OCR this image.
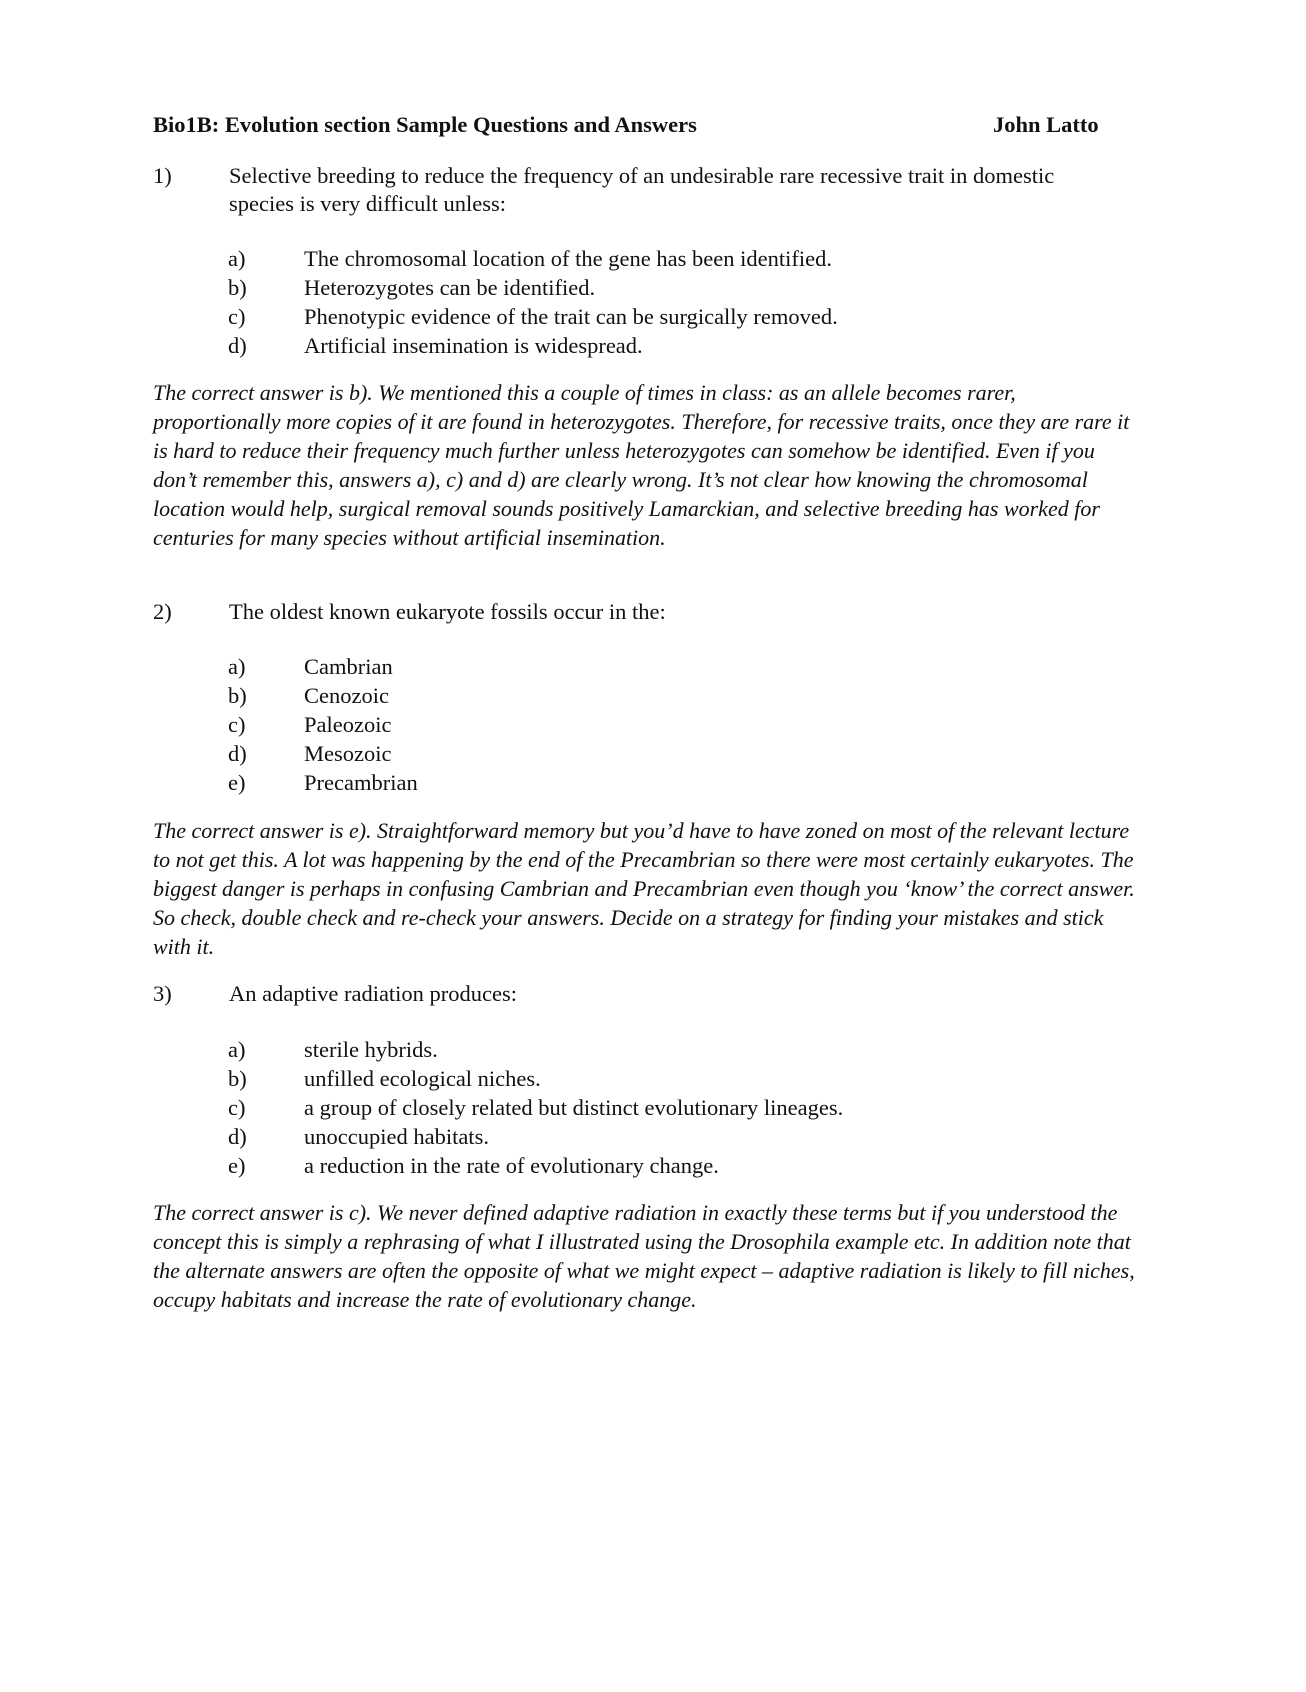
Bio1B: Evolution section Sample Questions and Answers	John Latto
1)	Selective breeding to reduce the frequency of an undesirable rare recessive trait in domestic species is very difficult unless:
a)	The chromosomal location of the gene has been identified.
b)	Heterozygotes can be identified.
c)	Phenotypic evidence of the trait can be surgically removed.
d)	Artificial insemination is widespread.
The correct answer is b). We mentioned this a couple of times in class: as an allele becomes rarer, proportionally more copies of it are found in heterozygotes. Therefore, for recessive traits, once they are rare it is hard to reduce their frequency much further unless heterozygotes can somehow be identified. Even if you don’t remember this, answers a), c) and d) are clearly wrong. It’s not clear how knowing the chromosomal location would help, surgical removal sounds positively Lamarckian, and selective breeding has worked for centuries for many species without artificial insemination.
2)	The oldest known eukaryote fossils occur in the:
a)	Cambrian
b)	Cenozoic
c)	Paleozoic
d)	Mesozoic
e)	Precambrian
The correct answer is e). Straightforward memory but you’d have to have zoned on most of the relevant lecture to not get this. A lot was happening by the end of the Precambrian so there were most certainly eukaryotes. The biggest danger is perhaps in confusing Cambrian and Precambrian even though you ‘know’ the correct answer. So check, double check and re-check your answers. Decide on a strategy for finding your mistakes and stick with it.
3)	An adaptive radiation produces:
a)	sterile hybrids.
b)	unfilled ecological niches.
c)	a group of closely related but distinct evolutionary lineages.
d)	unoccupied habitats.
e)	a reduction in the rate of evolutionary change.
The correct answer is c). We never defined adaptive radiation in exactly these terms but if you understood the concept this is simply a rephrasing of what I illustrated using the Drosophila example etc. In addition note that the alternate answers are often the opposite of what we might expect – adaptive radiation is likely to fill niches, occupy habitats and increase the rate of evolutionary change.
